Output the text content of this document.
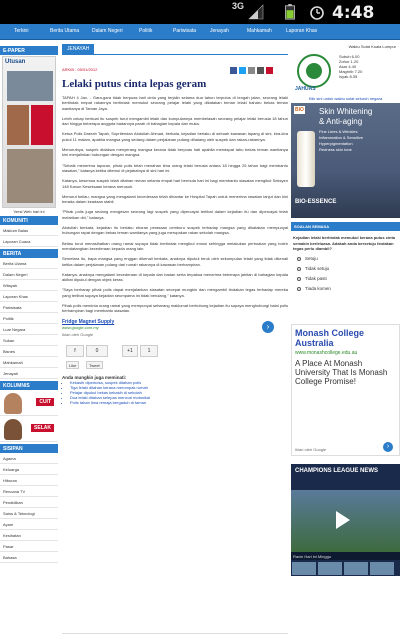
3G	4:48
Terkini	Berita Utama	Dalam Negeri	Politik	Pariwisata	Jenayah	Mahkamah	Laporan Khas
E-PAPER
Utusan
Versi Web hari ini
KOMUNITI
Maklum Balas
Laporan Cuaca
BERITA
Berita Utama
Dalam Negeri
Wilayah
Laporan Khas
Pariwisata
Politik
Luar Negara
Sukan
Bisnes
Mahkamah
Jenayah
KOLUMNIS
CUIT
SELAK
SISIPAN
Agama
Keluarga
Hiburan
Rencana TV
Pendidikan
Sains & Teknologi
Ayam
Kesihatan
Pasar
Bahasa
JENAYAH
ARKIB : 05/01/2012
Lelaki putus cinta lepas geram

TAPAH 4 Jan. - Gara-gara tidak berpuas hati cinta yang terjalin selama dua tahun terputus di tengah jalan, seorang lelaki bertindak empat rakannya bertindak memukul seorang pelajar lelaki yang dikatakan teman lelaki baharu bekas teman wanitanya di Taman Jaya.

Lebih cekap berbuat itu suspek turut mengambil lelaki dan kumpulannya membelasah seorang pelajar lelaki berusia 18 tahun dan hingga beberapa anggota badannya parah di bahagian kepala dan muka.

Ketua Polis Daerah Tapah, Supritendan Abdullah Ahmad, berkata, kejadian berlaku di sebuah kawasan lapang di sini, kira-kira pukul 11 malam, apabila mangsa yang sedang dalam perjalanan pulang dihalang oleh suspek dan rakan-rakannya.

Menurutnya, suspek didakwa menyerang mangsa kerana tidak berpuas hati apabila mendapat tahu bekas teman wanitanya kini menjalinkan hubungan dengan mangsa.

"Sebaik menerima laporan, pihak polis telah menahan lima orang lelaki berusia antara 18 hingga 25 tahun bagi membantu siasatan," katanya ketika ditemui di pejabatnya di sini hari ini.

Katanya, kesemua suspek telah ditahan reman selama empat hari bermula hari ini bagi membantu siasatan mengikut Seksyen 148 Kanun Keseksaan kerana merusuh.

Menurut beliau, mangsa yang mengalami kecederaan telah dihantar ke Hospital Tapah untuk menerima rawatan lanjut dan kini berada dalam keadaan stabil.

"Pihak polis juga sedang mengesan seorang lagi suspek yang dipercayai terlibat dalam kejadian itu dan dipercayai telah melarikan diri," katanya.

Abdullah berkata, kejadian itu berlaku ekoran perasaan cemburu suspek terhadap mangsa yang dikatakan mempunyai hubungan rapat dengan bekas teman wanitanya yang juga merupakan rakan sekolah mangsa.

Beliau turut menasihatkan orang ramai supaya tidak bertindak mengikut emosi sehingga melakukan perbuatan yang boleh mendatangkan kecederaan kepada orang lain.

Semetara itu, bapa mangsa yang enggan dikenali berkata, anaknya dipukul teruk oleh sekumpulan lelaki yang tidak dikenali ketika dalam perjalanan pulang dari rumah rakannya di kawasan berhampiran.

Katanya, anaknya mengalami kecederaan di kepala dan badan serta terpaksa menerima beberapa jahitan di bahagian kepala akibat dipukul dengan objek keras.

"Saya berharap pihak polis dapat menjalankan siasatan secepat mungkin dan mengambil tindakan tegas terhadap mereka yang terlibat supaya kejadian seumpama ini tidak berulang," katanya.

Pihak polis meminta orang ramai yang mempunyai sebarang maklumat berhubung kejadian itu supaya menghubungi balai polis berhampiran bagi membantu siasatan.

Fridge Magnet Supply
www.google.com.my
Iklan oleh Google
›
f	0	+1	1
Like	Tweet
Anda mungkin juga meminati:
• Kekasih diperkosa, suspek ditahan polis
• Tiga lelaki ditahan kerana merompak rumah
• Pelajar dipukul bekas kekasih di sekolah
• Dua lelaki ditahan selepas mencuri motosikal
• Polis tahan lima remaja bergaduh di taman
Waktu Solat Kuala Lumpur
JAHUAS
Subuh 6.00
Zohor 1.20
Asar 4.40
Maghrib 7.20
Isyak 8.35
Klik sini untuk waktu solat seluruh negara
BIO Skin Whitening
& Anti-aging
Fine Lines & Wrinkles
Inflammation & Sensitive
Hyperpigmentation
Redness skin tone
BIO-ESSENCE
SOALAN SEMASA
Kejadian lelaki bertindak memukul kerana putus cinta semakin berleluasa. Adakah anda bersetuju tindakan tegas perlu diambil?
Setuju
Tidak setuju
Tidak pasti
Tiada komen
Monash College Australia
www.monashcollege.edu.au
A Place At Monash University That Is Monash College Promise!
Iklan oleh Google	›
CHAMPIONS LEAGUE NEWS
Ravin Hari ini Minggu
